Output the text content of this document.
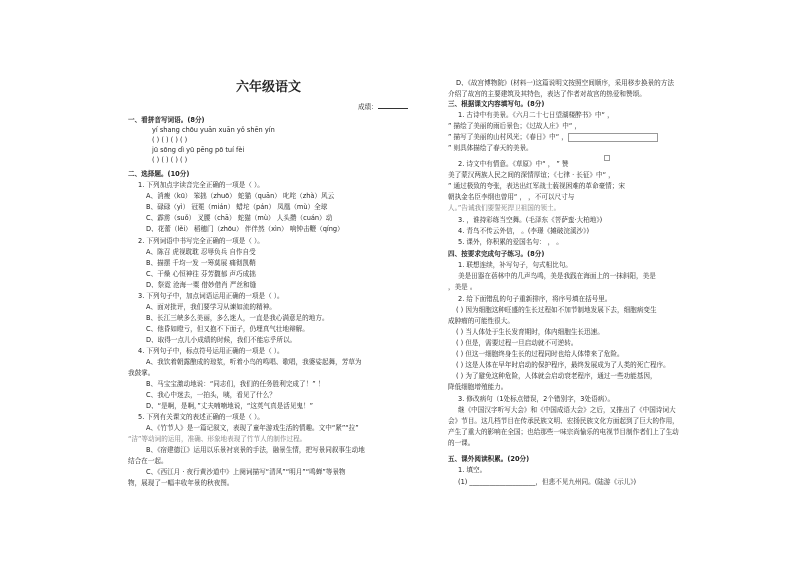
六年级语文
成绩：
一、看拼音写词语。(8分)
yí shanɡ chōu yuān xuān yǒ shēn yín
( ) ( ) ( ) ( )
jū sōnɡ dì yū pēnɡ pō tuí fèi
( ) ( ) ( ) ( )
二、选择题。(10分)
1. 下列加点字读音完全正确的一项是（ ）。
A、消瘦（kū） 笨拙（zhuō） 蛇猫（quān） 叱咤（zhà）风云
B、碌碌（yì） 冠冕（mián） 蜡坨（pán） 凤凰（mù）全球
C、霹雳（suǒ） 叉腰（chā） 蛇猫（mù） 人头攒（cuán）动
D、花蕾（lěi） 稻穗门（zhōu） 伴伴然（xìn） 响钟击鞭（qíng）
2. 下列词语中书写完全正确的一项是（ ）。
A、陈召 虎视耽耽 忍辱负兵 自作自受
B、描摆 千均一发 一筹莫展 痛彻凯鞘
C、干燥 心恒神往 芬芳馥郁 声巧成拙
D、祭霓 沧海一粟 借妙借肖 严丝和缝
3. 下列句子中，加点词语运用正确的一项是（ ）。
A、面对批评，我们要学习从谏如流的精神。
B、长江三峡多么美丽，多么迷人，一直是我心满意足的地方。
C、他昏如瞪亏，但又抱不下面子，仍埋真气壮地辩解。
D、取得一点儿小成绩的时候，我们不能忘乎所以。
4. 下列句子中，标点符号运用正确的一项是（ ）。
A、我饮着朝露酿成的琼浆，听着小鸟的鸣唱、歌唱，我婆娑起舞，芳草为
我鼓掌。
B、马宝宝激动地说：“同志们，我们的任务胜利完成了！” ！
C、我心中迷去，一拍头，咦，看见了什么？
D、“是啊，是啊，”丈夫喃喃地说，“这英气真是活见鬼！”
5. 下列有关课文的表述正确的一项是（ ）。
A、《竹节人》是一篇记叙文，表现了童年游戏生活的情趣。文中“紧”“拉”
“洁”等动词的运用，准确、形象地表现了竹节人的制作过程。
B、《宿建德江》运用以乐景衬哀景的手法，融景生情，把写景同叙事生动地
结合在一起。
C、《西江月 · 夜行黄沙道中》上阕词描写“清风”“明月”“鸣蝉”等景物
物，展现了一幅丰收年景的秋夜图。
D、《故宫博物院》(材料一)这篇说明文按照空间顺序，采用移步换景的方法
介绍了故宫的主要建筑及其特色，表达了作者对故宫的热爱和赞颂。
三、根据课文内容填写句。(8分)
1. 古诗中有美景。《六月二十七日望湖楼醉书》中“ ，
” 描绘了美丽的雨后景色；《过故人庄》中“ ，
” 描写了美丽的山村风光；《春日》中“ ，
” 则具体描绘了春天的美景。
2. 诗文中有情意。《草原》中“ ， ” 赞
美了蒙汉两族人民之间的深情厚谊；《七律 · 长征》中“ ，
” 通过极致的夸张，表达出红军战士藐视困难的革命豪情；宋
朝执金名臣李纲也曾用“ ， ，不可以尺寸与
人。”告诫我们要誓死捍卫祖国的领土。
3. ，谁持彩练当空舞。(毛泽东《菩萨蛮·大柏地》)
4. 青鸟不传云外信， 。(李璟《摊破浣溪沙》)
5. 课外，你积累的爱国名句： ， 。
四、按要求完成句子练习。(8分)
1. 联想连续，补写句子，句式相比句。
美是田器在蓓林中的几声鸟鸣，美是我践在海面上的一抹斜阳，美是
，美是 。
2. 给下面错乱的句子重新排序，将序号填在括号里。
( ) 因为细胞这种旺盛的生长过程如不加节制地发展下去，细胞病变生
成肿瘤的可能性很大。
( ) 当人体处于生长发育期时，体内细胞生长迅速。
( ) 但是，需要过程一旦启动就不可逆转。
( ) 但这一细胞终身生长的过程同时也给人体带来了危险。
( ) 这是人体在早年时启动的保护程序，最终发展成为了人类的死亡程序。
( ) 为了避免这种危险，人体就会启动衰老程序，通过一些功能基因，
降低细胞增殖能力。
3. 修改病句（1处标点错误，2个错别字，3处语病）。
继《中国汉字听写大会》和《中国成语大会》之后，又推出了《中国诗词大
会》节目。这几档节目在传承民族文明、宏扬民族文化方面起到了巨大的作用，
产生了重大的影响在全国；也给那些一味宗尚愉乐的电视节目制作者们上了生动
的一课。
五、课外阅读积累。(20分)
1. 填空。
(1) ____________________，但悲不见九州同。(陆游《示儿》)
